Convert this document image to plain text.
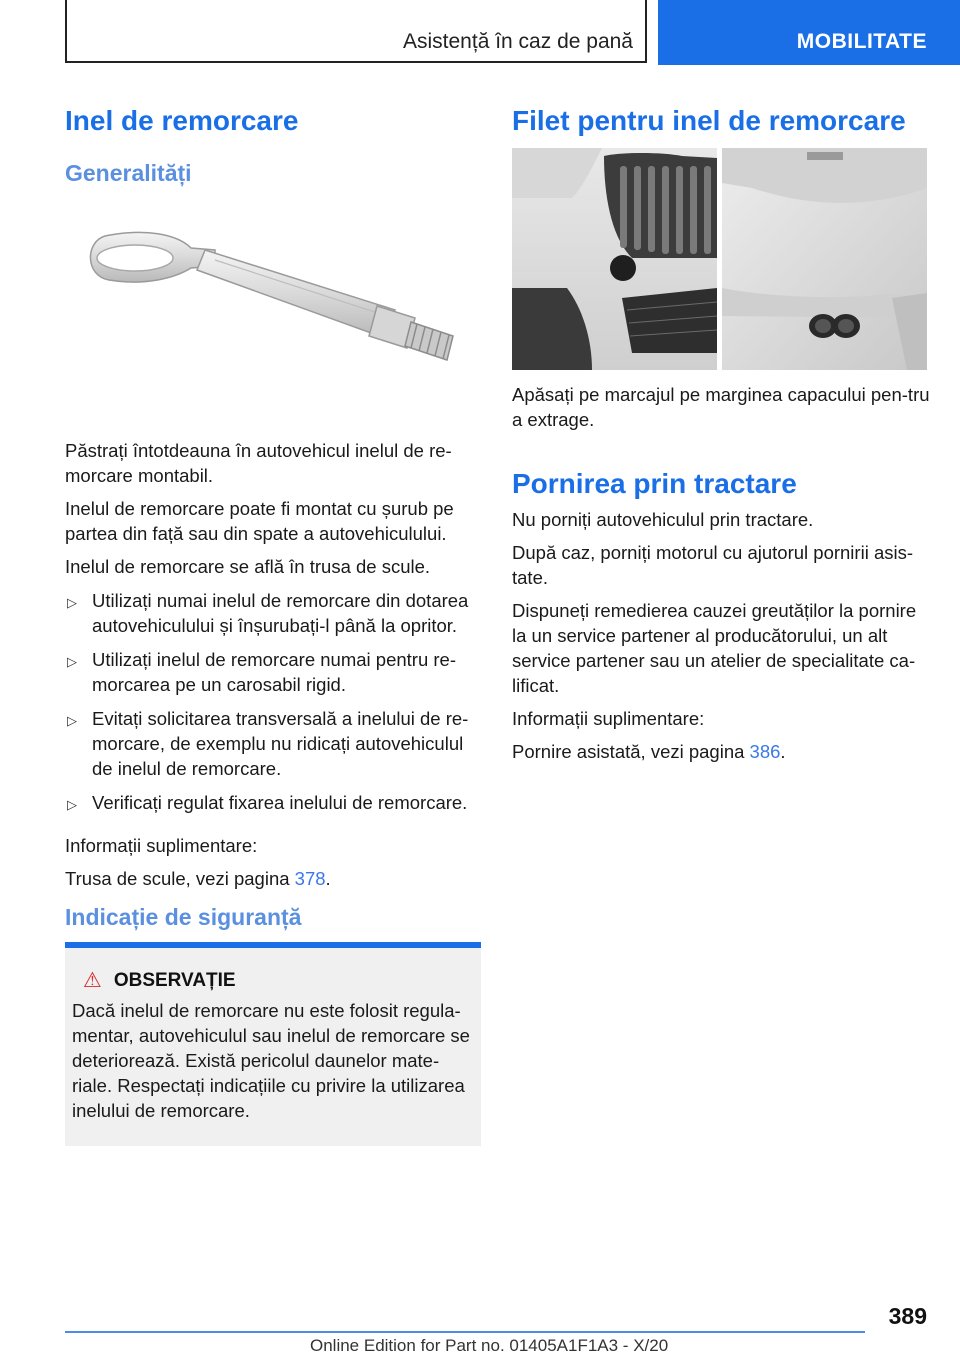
Asistență în caz de pană	MOBILITATE
Inel de remorcare
Generalități

Păstrați întotdeauna în autovehicul inelul de re-morcare montabil.

Inelul de remorcare poate fi montat cu șurub pe partea din față sau din spate a autovehiculului.

Inelul de remorcare se află în trusa de scule.

▷ Utilizați numai inelul de remorcare din dotarea autovehiculului și înșurubați-l până la opritor.
▷ Utilizați inelul de remorcare numai pentru re-morcarea pe un carosabil rigid.
▷ Evitați solicitarea transversală a inelului de re-morcare, de exemplu nu ridicați autovehiculul de inelul de remorcare.
▷ Verificați regulat fixarea inelului de remorcare.

Informații suplimentare:

Trusa de scule, vezi pagina 378.

Indicație de siguranță
⚠ OBSERVAȚIE

Dacă inelul de remorcare nu este folosit regula-mentar, autovehiculul sau inelul de remorcare se deteriorează. Există pericolul daunelor mate-riale. Respectați indicațiile cu privire la utilizarea inelului de remorcare.

Filet pentru inel de remorcare

Apăsați pe marcajul pe marginea capacului pen-tru a extrage.

Pornirea prin tractare

Nu porniți autovehiculul prin tractare.

După caz, porniți motorul cu ajutorul pornirii asis-tate.

Dispuneți remedierea cauzei greutăților la pornire la un service partener al producătorului, un alt service partener sau un atelier de specialitate ca-lificat.

Informații suplimentare:

Pornire asistată, vezi pagina 386.

389
Online Edition for Part no. 01405A1F1A3 - X/20
